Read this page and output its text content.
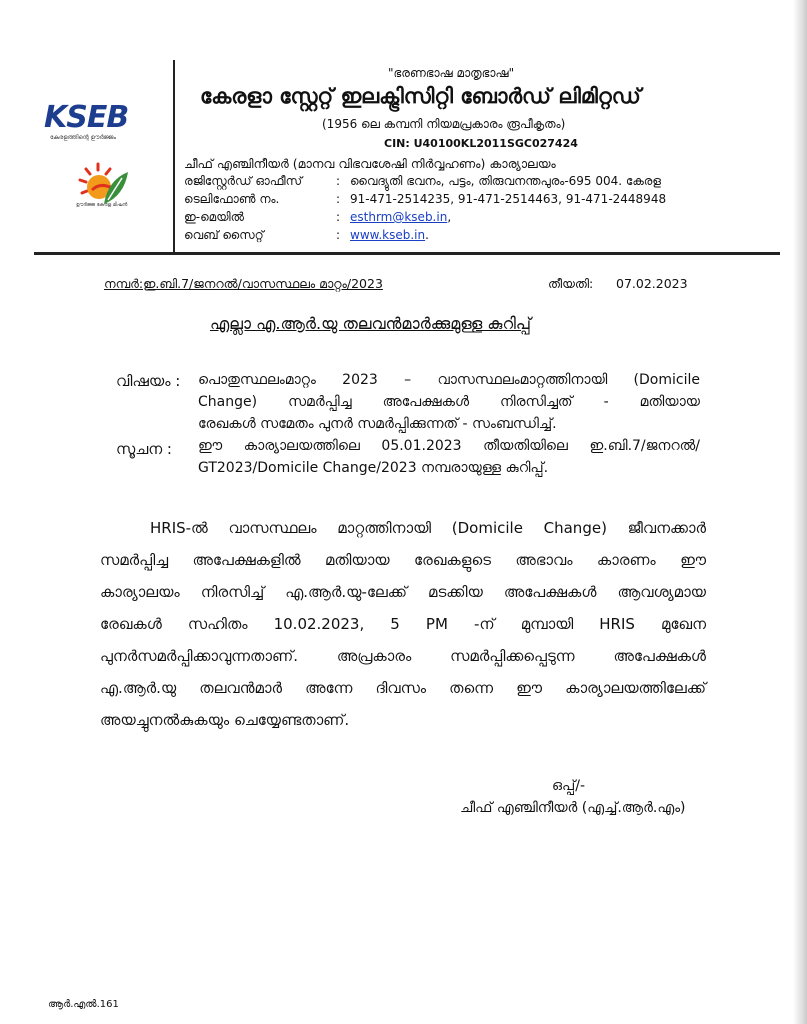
KSEB
കേരളത്തിന്റെ ഊർജ്ജം
ഊർജ്ജ കേരള മിഷൻ
"ഭരണഭാഷ മാതൃഭാഷ"
കേരളാ സ്റ്റേറ്റ് ഇലക്ട്രിസിറ്റി ബോർഡ് ലിമിറ്റഡ്
(1956 ലെ കമ്പനി നിയമപ്രകാരം രൂപീകൃതം)
CIN: U40100KL2011SGC027424
ചീഫ് എഞ്ചിനീയർ (മാനവ വിഭവശേഷി നിർവ്വഹണം) കാര്യാലയം
രജിസ്റ്റേർഡ് ഓഫീസ്	: വൈദ്യുതി ഭവനം, പട്ടം, തിരുവനന്തപുരം-695 004. കേരള
ടെലിഫോൺ നം.	: 91-471-2514235, 91-471-2514463, 91-471-2448948
ഇ-മെയിൽ	: esthrm@kseb.in,
വെബ് സൈറ്റ്	: www.kseb.in.
നമ്പർ:ഇ.ബി.7/ജനറൽ/വാസസ്ഥലം മാറ്റം/2023	തീയതി: 07.02.2023
എല്ലാ എ.ആർ.യു തലവൻമാർക്കുമുള്ള കുറിപ്പ്
വിഷയം : പൊതുസ്ഥലംമാറ്റം 2023 – വാസസ്ഥലംമാറ്റത്തിനായി (Domicile
Change) സമർപ്പിച്ച അപേക്ഷകൾ നിരസിച്ചത് - മതിയായ
രേഖകൾ സമേതം പുനർ സമർപ്പിക്കുന്നത് - സംബന്ധിച്ച്.
സൂചന : ഈ കാര്യാലയത്തിലെ 05.01.2023 തീയതിയിലെ ഇ.ബി.7/ജനറൽ/
GT2023/Domicile Change/2023 നമ്പരായുള്ള കുറിപ്പ്.
HRIS-ൽ വാസസ്ഥലം മാറ്റത്തിനായി (Domicile Change) ജീവനക്കാർ
സമർപ്പിച്ച അപേക്ഷകളിൽ മതിയായ രേഖകളുടെ അഭാവം കാരണം ഈ
കാര്യാലയം നിരസിച്ച് എ.ആർ.യു-ലേക്ക് മടക്കിയ അപേക്ഷകൾ ആവശ്യമായ
രേഖകൾ സഹിതം 10.02.2023, 5 PM -ന് മുമ്പായി HRIS മുഖേന
പുനർസമർപ്പിക്കാവുന്നതാണ്. അപ്രകാരം സമർപ്പിക്കപ്പെടുന്ന അപേക്ഷകൾ
എ.ആർ.യു തലവൻമാർ അന്നേ ദിവസം തന്നെ ഈ കാര്യാലയത്തിലേക്ക്
അയച്ചുനൽകുകയും ചെയ്യേണ്ടതാണ്.
ഒപ്പ്/-
ചീഫ് എഞ്ചിനീയർ (എച്ച്.ആർ.എം)
ആർ.എൽ.161
